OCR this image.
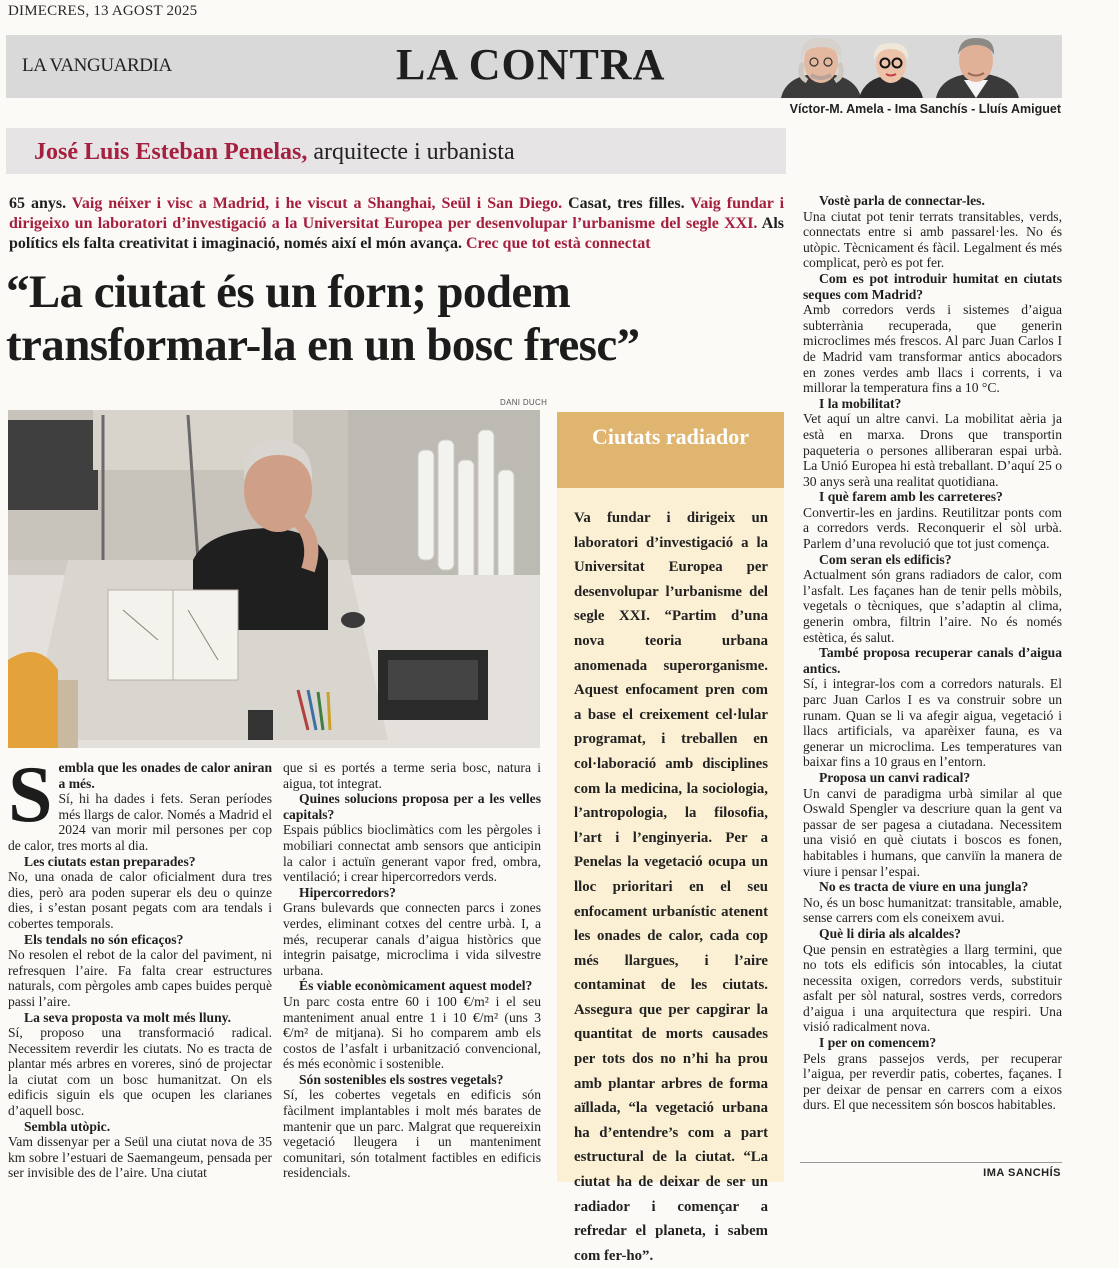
DIMECRES, 13 AGOST 2025
LA VANGUARDIA	LA CONTRA
Víctor-M. Amela - Ima Sanchís - Lluís Amiguet
José Luis Esteban Penelas, arquitecte i urbanista
65 anys. Vaig néixer i visc a Madrid, i he viscut a Shanghai, Seül i San Diego. Casat, tres filles. Vaig fundar i dirigeixo un laboratori d’investigació a la Universitat Europea per desenvolupar l’urbanisme del segle XXI. Als polítics els falta creativitat i imaginació, només així el món avança. Crec que tot està connectat
“La ciutat és un forn; podem transformar-la en un bosc fresc”
DANI DUCH
Ciutats radiador
Va fundar i dirigeix un laboratori d’investigació a la Universitat Europea per desenvolupar l’urbanisme del segle XXI. “Partim d’una nova teoria urbana anomenada superorganisme. Aquest enfocament pren com a base el creixement cel·lular programat, i treballen en col·laboració amb disciplines com la medicina, la sociologia, l’antropologia, la filosofia, l’art i l’enginyeria. Per a Penelas la vegetació ocupa un lloc prioritari en el seu enfocament urbanístic atenent les onades de calor, cada cop més llargues, i l’aire contaminat de les ciutats. Assegura que per capgirar la quantitat de morts causades per tots dos no n’hi ha prou amb plantar arbres de forma aïllada, “la vegetació urbana ha d’entendre’s com a part estructural de la ciutat. “La ciutat ha de deixar de ser un radiador i començar a refredar el planeta, i sabem com fer-ho”.

Sembla que les onades de calor aniran a més.

Sí, hi ha dades i fets. Seran períodes més llargs de calor. Només a Madrid el 2024 van morir mil persones per cop de calor, tres morts al dia.

Les ciutats estan preparades?

No, una onada de calor oficialment dura tres dies, però ara poden superar els deu o quinze dies, i s’estan posant pegats com ara tendals i cobertes temporals.

Els tendals no són eficaços?

No resolen el rebot de la calor del paviment, ni refresquen l’aire. Fa falta crear estructures naturals, com pèrgoles amb capes buides perquè passi l’aire.

La seva proposta va molt més lluny.

Sí, proposo una transformació radical. Necessitem reverdir les ciutats. No es tracta de plantar més arbres en voreres, sinó de projectar la ciutat com un bosc humanitzat. On els edificis siguin els que ocupen les clarianes d’aquell bosc.

Sembla utòpic.

Vam dissenyar per a Seül una ciutat nova de 35 km sobre l’estuari de Saemangeum, pensada per ser invisible des de l’aire. Una ciutat

que si es portés a terme seria bosc, natura i aigua, tot integrat.

Quines solucions proposa per a les velles capitals?

Espais públics bioclimàtics com les pèrgoles i mobiliari connectat amb sensors que anticipin la calor i actuïn generant vapor fred, ombra, ventilació; i crear hipercorredors verds.

Hipercorredors?

Grans bulevards que connecten parcs i zones verdes, eliminant cotxes del centre urbà. I, a més, recuperar canals d’aigua històrics que integrin paisatge, microclima i vida silvestre urbana.

És viable econòmicament aquest model?

Un parc costa entre 60 i 100 €/m² i el seu manteniment anual entre 1 i 10 €/m² (uns 3 €/m² de mitjana). Si ho comparem amb els costos de l’asfalt i urbanització convencional, és més econòmic i sostenible.

Són sostenibles els sostres vegetals?

Sí, les cobertes vegetals en edificis són fàcilment implantables i molt més barates de mantenir que un parc. Malgrat que requereixin vegetació lleugera i un manteniment comunitari, són totalment factibles en edificis residencials.

Vostè parla de connectar-les.

Una ciutat pot tenir terrats transitables, verds, connectats entre si amb passarel·les. No és utòpic. Tècnicament és fàcil. Legalment és més complicat, però es pot fer.

Com es pot introduir humitat en ciutats seques com Madrid?

Amb corredors verds i sistemes d’aigua subterrània recuperada, que generin microclimes més frescos. Al parc Juan Carlos I de Madrid vam transformar antics abocadors en zones verdes amb llacs i corrents, i va millorar la temperatura fins a 10 °C.

I la mobilitat?

Vet aquí un altre canvi. La mobilitat aèria ja està en marxa. Drons que transportin paqueteria o persones alliberaran espai urbà. La Unió Europea hi està treballant. D’aquí 25 o 30 anys serà una realitat quotidiana.

I què farem amb les carreteres?

Convertir-les en jardins. Reutilitzar ponts com a corredors verds. Reconquerir el sòl urbà. Parlem d’una revolució que tot just comença.

Com seran els edificis?

Actualment són grans radiadors de calor, com l’asfalt. Les façanes han de tenir pells mòbils, vegetals o tècniques, que s’adaptin al clima, generin ombra, filtrin l’aire. No és només estètica, és salut.

També proposa recuperar canals d’aigua antics.

Sí, i integrar-los com a corredors naturals. El parc Juan Carlos I es va construir sobre un runam. Quan se li va afegir aigua, vegetació i llacs artificials, va aparèixer fauna, es va generar un microclima. Les temperatures van baixar fins a 10 graus en l’entorn.

Proposa un canvi radical?

Un canvi de paradigma urbà similar al que Oswald Spengler va descriure quan la gent va passar de ser pagesa a ciutadana. Necessitem una visió en què ciutats i boscos es fonen, habitables i humans, que canviïn la manera de viure i pensar l’espai.

No es tracta de viure en una jungla?

No, és un bosc humanitzat: transitable, amable, sense carrers com els coneixem avui.

Què li diria als alcaldes?

Que pensin en estratègies a llarg termini, que no tots els edificis són intocables, la ciutat necessita oxigen, corredors verds, substituir asfalt per sòl natural, sostres verds, corredors d’aigua i una arquitectura que respiri. Una visió radicalment nova.

I per on comencem?

Pels grans passejos verds, per recuperar l’aigua, per reverdir patis, cobertes, façanes. I per deixar de pensar en carrers com a eixos durs. El que necessitem són boscos habitables.

IMA SANCHÍS
